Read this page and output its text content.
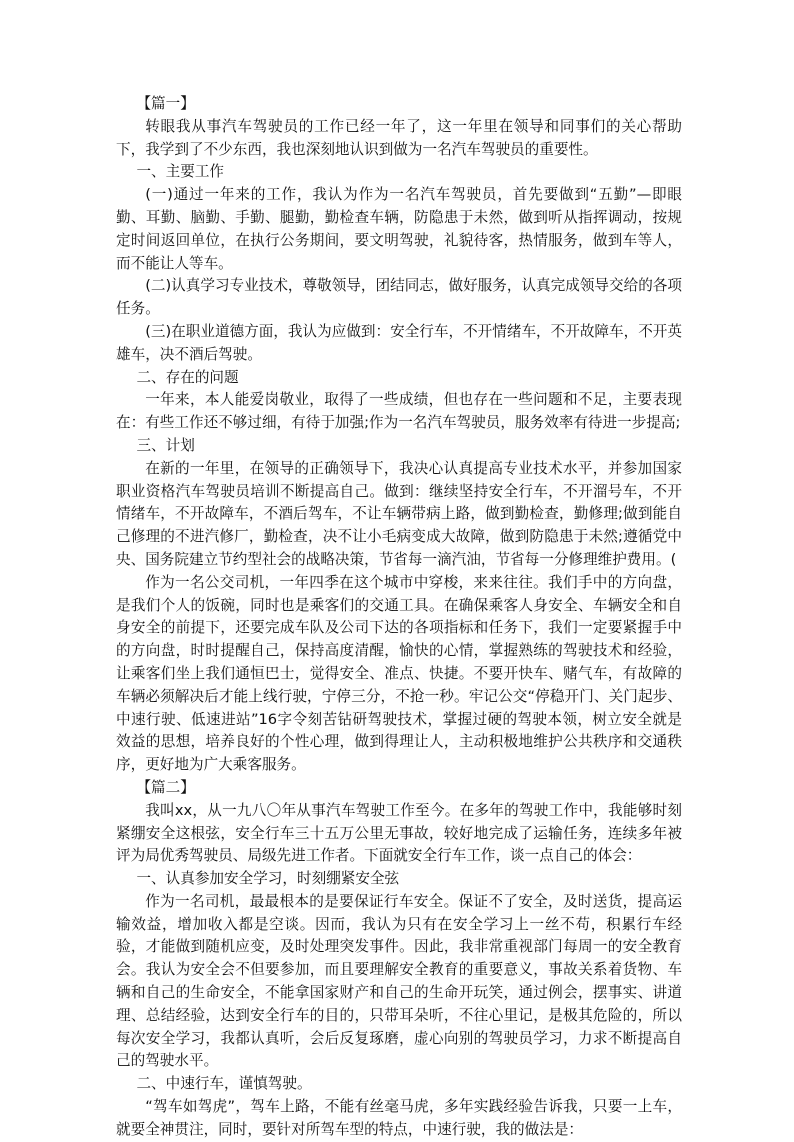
【篇一】

转眼我从事汽车驾驶员的工作已经一年了，这一年里在领导和同事们的关心帮助下，我学到了不少东西，我也深刻地认识到做为一名汽车驾驶员的重要性。

一、主要工作

(一)通过一年来的工作，我认为作为一名汽车驾驶员，首先要做到“五勤”—即眼勤、耳勤、脑勤、手勤、腿勤，勤检查车辆，防隐患于未然，做到听从指挥调动，按规定时间返回单位，在执行公务期间，要文明驾驶，礼貌待客，热情服务，做到车等人，而不能让人等车。

(二)认真学习专业技术，尊敬领导，团结同志，做好服务，认真完成领导交给的各项任务。

(三)在职业道德方面，我认为应做到：安全行车，不开情绪车，不开故障车，不开英雄车，决不酒后驾驶。

二、存在的问题

一年来，本人能爱岗敬业，取得了一些成绩，但也存在一些问题和不足，主要表现在：有些工作还不够过细，有待于加强;作为一名汽车驾驶员，服务效率有待进一步提高;

三、计划

在新的一年里，在领导的正确领导下，我决心认真提高专业技术水平，并参加国家职业资格汽车驾驶员培训不断提高自己。做到：继续坚持安全行车，不开溜号车，不开情绪车，不开故障车，不酒后驾车，不让车辆带病上路，做到勤检查，勤修理;做到能自己修理的不进汽修厂，勤检查，决不让小毛病变成大故障，做到防隐患于未然;遵循党中央、国务院建立节约型社会的战略决策，节省每一滴汽油，节省每一分修理维护费用。(

作为一名公交司机，一年四季在这个城市中穿梭，来来往往。我们手中的方向盘，是我们个人的饭碗，同时也是乘客们的交通工具。在确保乘客人身安全、车辆安全和自身安全的前提下，还要完成车队及公司下达的各项指标和任务下，我们一定要紧握手中的方向盘，时时提醒自己，保持高度清醒，愉快的心情，掌握熟练的驾驶技术和经验，让乘客们坐上我们通恒巴士，觉得安全、准点、快捷。不要开快车、赌气车，有故障的车辆必须解决后才能上线行驶，宁停三分，不抢一秒。牢记公交“停稳开门、关门起步、中速行驶、低速进站”16字令刻苦钻研驾驶技术，掌握过硬的驾驶本领，树立安全就是效益的思想，培养良好的个性心理，做到得理让人，主动积极地维护公共秩序和交通秩序，更好地为广大乘客服务。

【篇二】

我叫xx，从一九八〇年从事汽车驾驶工作至今。在多年的驾驶工作中，我能够时刻紧绷安全这根弦，安全行车三十五万公里无事故，较好地完成了运输任务，连续多年被评为局优秀驾驶员、局级先进工作者。下面就安全行车工作，谈一点自己的体会：

一、认真参加安全学习，时刻绷紧安全弦

作为一名司机，最最根本的是要保证行车安全。保证不了安全，及时送货，提高运输效益，增加收入都是空谈。因而，我认为只有在安全学习上一丝不苟，积累行车经验，才能做到随机应变，及时处理突发事件。因此，我非常重视部门每周一的安全教育会。我认为安全会不但要参加，而且要理解安全教育的重要意义，事故关系着货物、车辆和自己的生命安全，不能拿国家财产和自己的生命开玩笑，通过例会，摆事实、讲道理、总结经验，达到安全行车的目的，只带耳朵听，不往心里记，是极其危险的，所以每次安全学习，我都认真听，会后反复琢磨，虚心向别的驾驶员学习，力求不断提高自己的驾驶水平。

二、中速行车，谨慎驾驶。

“驾车如驾虎”，驾车上路，不能有丝毫马虎，多年实践经验告诉我，只要一上车，就要全神贯注，同时，要针对所驾车型的特点，中速行驶，我的做法是：
